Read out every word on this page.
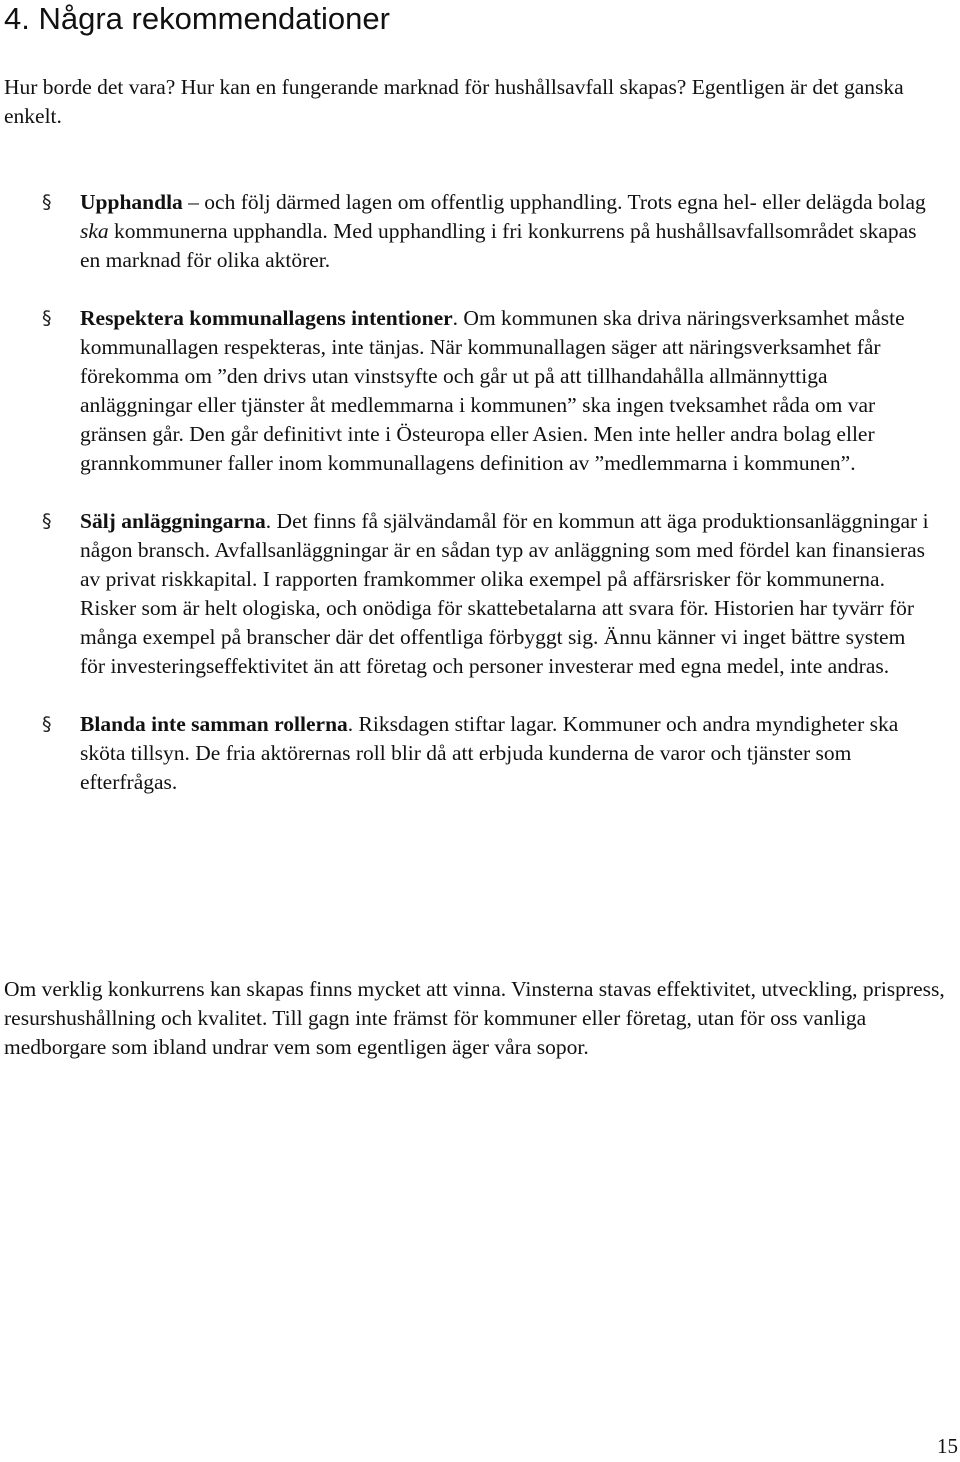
4. Några rekommendationer

Hur borde det vara? Hur kan en fungerande marknad för hushållsavfall skapas? Egentligen är det ganska enkelt.

§ Upphandla – och följ därmed lagen om offentlig upphandling. Trots egna hel- eller delägda bolag ska kommunerna upphandla. Med upphandling i fri konkurrens på hushållsavfallsområdet skapas en marknad för olika aktörer.
§ Respektera kommunallagens intentioner. Om kommunen ska driva näringsverksamhet måste kommunallagen respekteras, inte tänjas. När kommunallagen säger att näringsverksamhet får förekomma om ”den drivs utan vinstsyfte och går ut på att tillhandahålla allmännyttiga anläggningar eller tjänster åt medlemmarna i kommunen” ska ingen tveksamhet råda om var gränsen går. Den går definitivt inte i Östeuropa eller Asien. Men inte heller andra bolag eller grannkommuner faller inom kommunallagens definition av ”medlemmarna i kommunen”.
§ Sälj anläggningarna. Det finns få självändamål för en kommun att äga produktionsanläggningar i någon bransch. Avfallsanläggningar är en sådan typ av anläggning som med fördel kan finansieras av privat riskkapital. I rapporten framkommer olika exempel på affärsrisker för kommunerna. Risker som är helt ologiska, och onödiga för skattebetalarna att svara för. Historien har tyvärr för många exempel på branscher där det offentliga förbyggt sig. Ännu känner vi inget bättre system för investeringseffektivitet än att företag och personer investerar med egna medel, inte andras.
§ Blanda inte samman rollerna. Riksdagen stiftar lagar. Kommuner och andra myndigheter ska sköta tillsyn. De fria aktörernas roll blir då att erbjuda kunderna de varor och tjänster som efterfrågas.

Om verklig konkurrens kan skapas finns mycket att vinna. Vinsterna stavas effektivitet, utveckling, prispress, resurshushållning och kvalitet. Till gagn inte främst för kommuner eller företag, utan för oss vanliga medborgare som ibland undrar vem som egentligen äger våra sopor.

15
